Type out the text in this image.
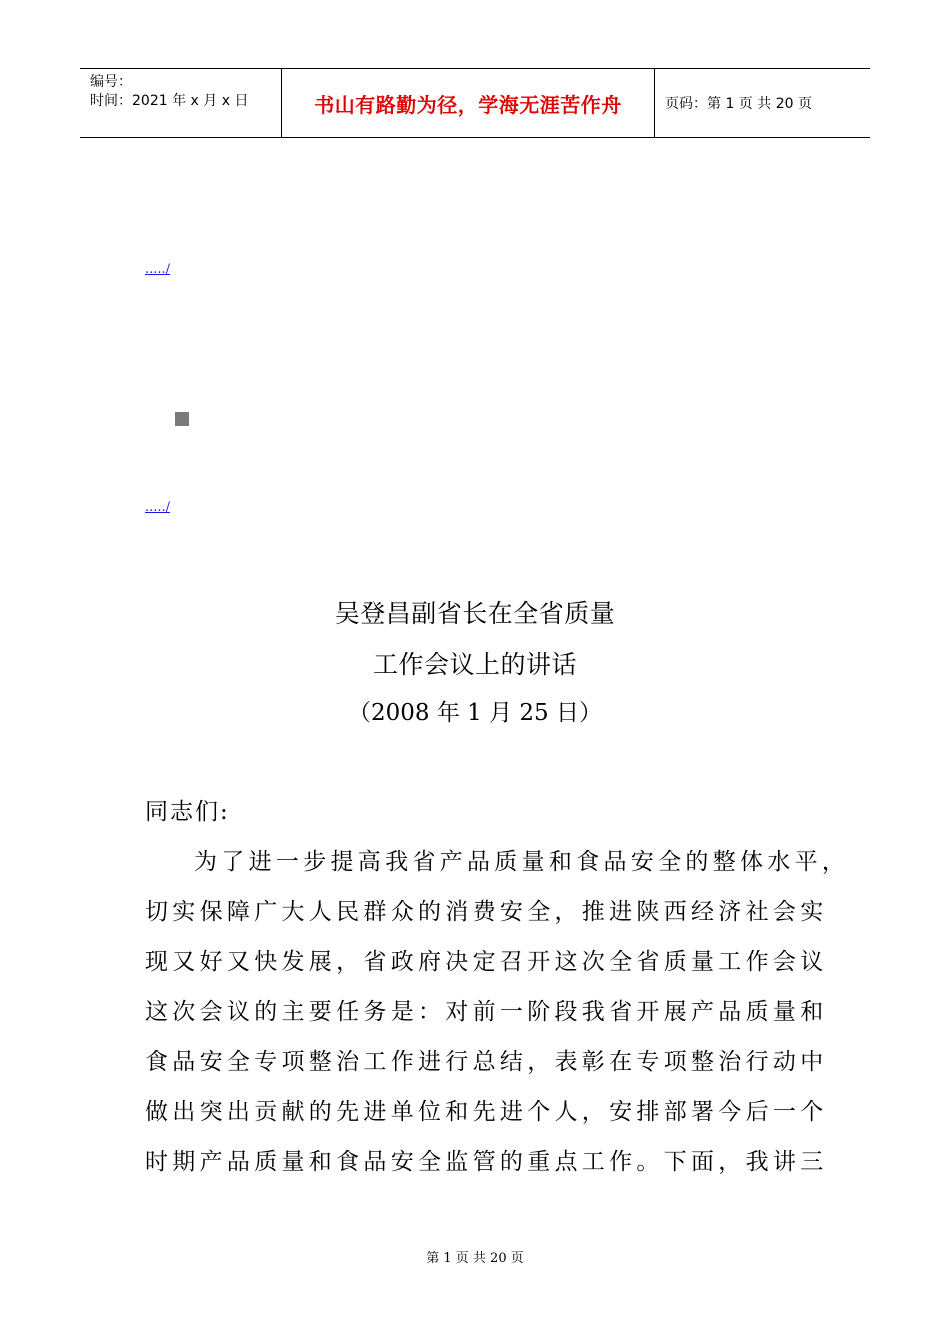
编号：
时间：2021 年 x 月 x 日	书山有路勤为径，学海无涯苦作舟	页码：第 1 页 共 20 页
...../
...../
吴登昌副省长在全省质量
工作会议上的讲话
（2008 年 1 月 25 日）
同志们:
为了进一步提高我省产品质量和食品安全的整体水平，
切实保障广大人民群众的消费安全，推进陕西经济社会实
现又好又快发展，省政府决定召开这次全省质量工作会议
这次会议的主要任务是：对前一阶段我省开展产品质量和
食品安全专项整治工作进行总结，表彰在专项整治行动中
做出突出贡献的先进单位和先进个人，安排部署今后一个
时期产品质量和食品安全监管的重点工作。下面，我讲三
第 1 页 共 20 页
